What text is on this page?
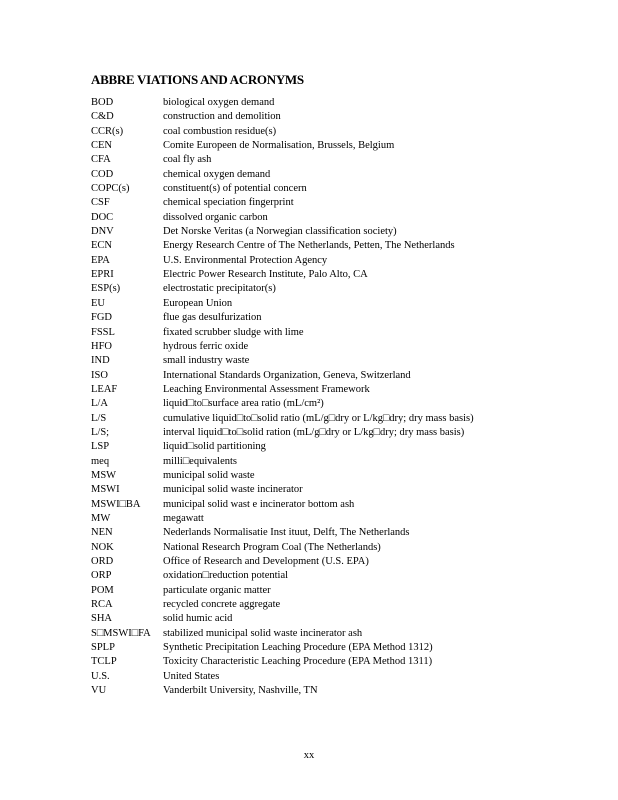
ABBRE VIATIONS AND ACRONYMS
BOD	biological oxygen demand
C&D	construction and demolition
CCR(s)	coal combustion residue(s)
CEN	Comite Europeen de Normalisation, Brussels, Belgium
CFA	coal fly ash
COD	chemical oxygen demand
COPC(s)	constituent(s) of potential concern
CSF	chemical speciation fingerprint
DOC	dissolved organic carbon
DNV	Det Norske Veritas (a Norwegian classification society)
ECN	Energy Research Centre of The Netherlands, Petten, The Netherlands
EPA	U.S. Environmental Protection Agency
EPRI	Electric Power Research Institute, Palo Alto, CA
ESP(s)	electrostatic precipitator(s)
EU	European Union
FGD	flue gas desulfurization
FSSL	fixated scrubber sludge with lime
HFO	hydrous ferric oxide
IND	small industry waste
ISO	International Standards Organization, Geneva, Switzerland
LEAF	Leaching Environmental Assessment Framework
L/A	liquid□to□surface area ratio (mL/cm²)
L/S	cumulative liquid□to□solid ratio (mL/g□dry or L/kg□dry; dry mass basis)
L/S;	interval liquid□to□solid ration (mL/g□dry or L/kg□dry; dry mass basis)
LSP	liquid□solid partitioning
meq	milli□equivalents
MSW	municipal solid waste
MSWI	municipal solid waste incinerator
MSWI□BA	municipal solid wast e incinerator bottom ash
MW	megawatt
NEN	Nederlands Normalisatie Inst ituut, Delft, The Netherlands
NOK	National Research Program Coal (The Netherlands)
ORD	Office of Research and Development (U.S. EPA)
ORP	oxidation□reduction potential
POM	particulate organic matter
RCA	recycled concrete aggregate
SHA	solid humic acid
S□MSWI□FA	stabilized municipal solid waste incinerator ash
SPLP	Synthetic Precipitation Leaching Procedure (EPA Method 1312)
TCLP	Toxicity Characteristic Leaching Procedure (EPA Method 1311)
U.S.	United States
VU	Vanderbilt University, Nashville, TN
xx
